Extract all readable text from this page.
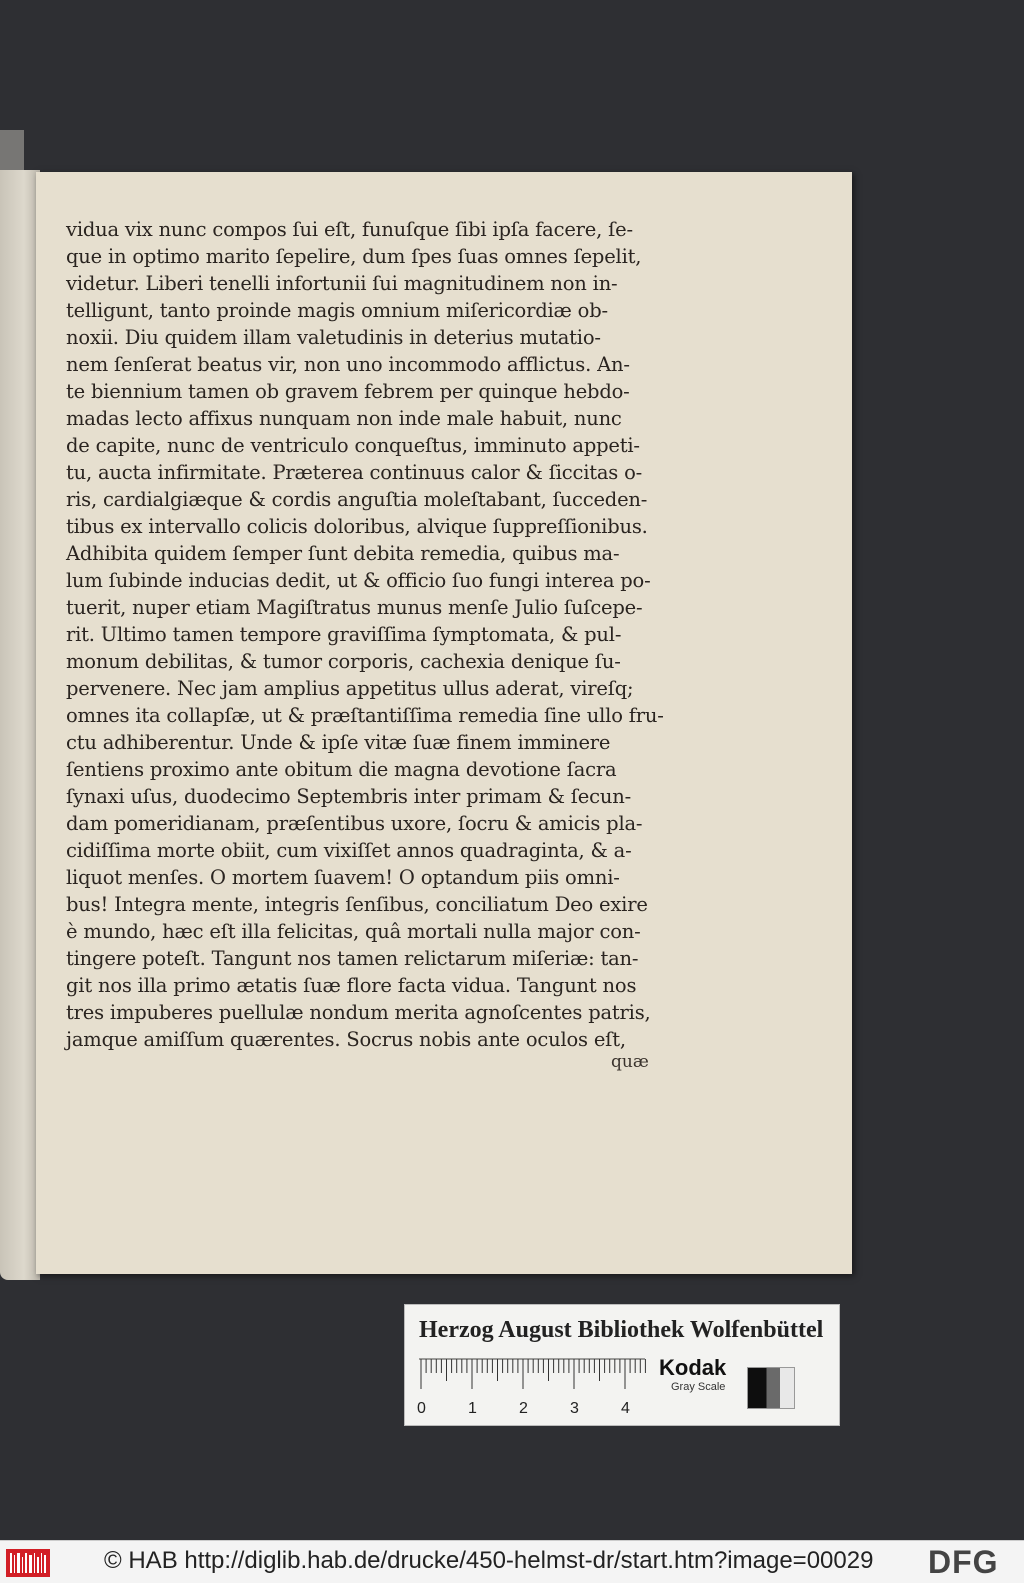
vidua vix nunc compos ſui eſt, funuſque ſibi ipſa facere, ſe-
que in optimo marito ſepelire, dum ſpes ſuas omnes ſepelit,
videtur. Liberi tenelli infortunii ſui magnitudinem non in-
telligunt, tanto proinde magis omnium miſericordiæ ob-
noxii. Diu quidem illam valetudinis in deterius mutatio-
nem ſenſerat beatus vir, non uno incommodo afflictus. An-
te biennium tamen ob gravem febrem per quinque hebdo-
madas lecto affixus nunquam non inde male habuit, nunc
de capite, nunc de ventriculo conqueſtus, imminuto appeti-
tu, aucta infirmitate. Præterea continuus calor & ſiccitas o-
ris, cardialgiæque & cordis anguſtia moleſtabant, ſucceden-
tibus ex intervallo colicis doloribus, alvique ſuppreſſionibus.
Adhibita quidem ſemper ſunt debita remedia, quibus ma-
lum ſubinde inducias dedit, ut & officio ſuo fungi interea po-
tuerit, nuper etiam Magiſtratus munus menſe Julio ſuſcepe-
rit. Ultimo tamen tempore graviſſima ſymptomata, & pul-
monum debilitas, & tumor corporis, cachexia denique ſu-
pervenere. Nec jam amplius appetitus ullus aderat, vireſq;
omnes ita collapſæ, ut & præſtantiſſima remedia ſine ullo fru-
ctu adhiberentur. Unde & ipſe vitæ ſuæ finem imminere
ſentiens proximo ante obitum die magna devotione ſacra
ſynaxi uſus, duodecimo Septembris inter primam & ſecun-
dam pomeridianam, præſentibus uxore, ſocru & amicis pla-
cidiſſima morte obiit, cum vixiſſet annos quadraginta, & a-
liquot menſes. O mortem ſuavem! O optandum piis omni-
bus! Integra mente, integris ſenſibus, conciliatum Deo exire
è mundo, hæc eſt illa felicitas, quâ mortali nulla major con-
tingere poteſt. Tangunt nos tamen relictarum miſeriæ: tan-
git nos illa primo ætatis ſuæ flore facta vidua. Tangunt nos
tres impuberes puellulæ nondum merita agnoſcentes patris,
jamque amiſſum quærentes. Socrus nobis ante oculos eſt,
quæ
Herzog August Bibliothek Wolfenbüttel
0	1	2	3	4
Kodak
Gray Scale
© HAB http://diglib.hab.de/drucke/450-helmst-dr/start.htm?image=00029 DFG
